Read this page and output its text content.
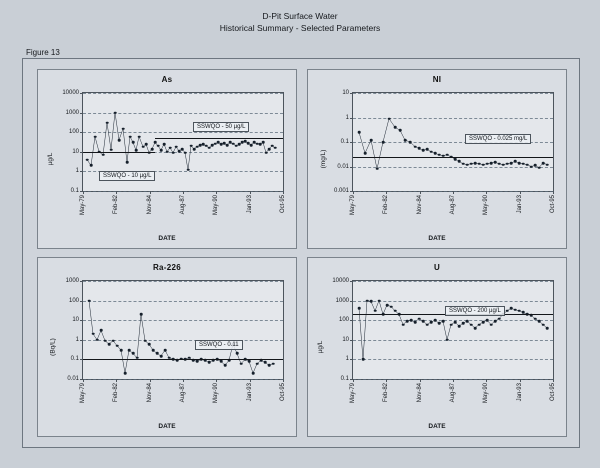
D-Pit Surface Water
Historical Summary - Selected Parameters
Figure 13
As
µg/L
0.1
1
10
100
1000
10000
May-79	Feb-82	Nov-84	Aug-87	May-90	Jan-93	Oct-95
SSWQO - 50 µg/L
SSWQO - 10 µg/L
DATE
NI
(mg/L)
0.001
0.01
0.1
1
10
May-79	Feb-82	Nov-84	Aug-87	May-90	Jan-93	Oct-95
SSWQO - 0.025 mg/L
DATE
Ra-226
(Bq/L)
0.01
0.1
1
10
100
1000
May-79	Feb-82	Nov-84	Aug-87	May-90	Jan-93	Oct-95
SSWQO - 0.11
DATE
U
µg/L
0.1
1
10
100
1000
10000
May-79	Feb-82	Nov-84	Aug-87	May-90	Jan-93	Oct-95
SSWQO - 200 µg/L
DATE
